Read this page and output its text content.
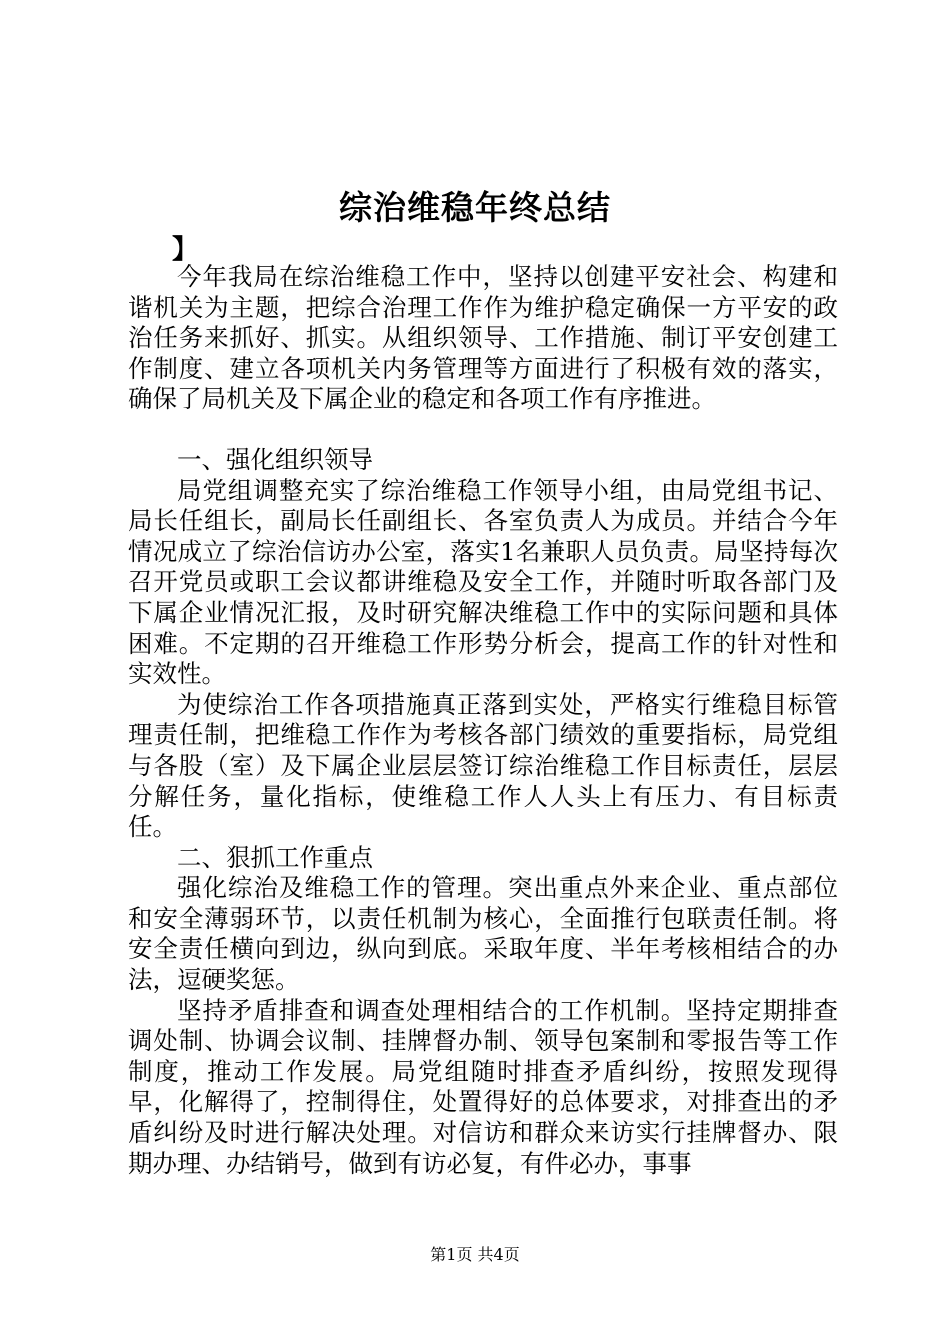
综治维稳年终总结
】

今年我局在综治维稳工作中，坚持以创建平安社会、构建和谐机关为主题，把综合治理工作作为维护稳定确保一方平安的政治任务来抓好、抓实。从组织领导、工作措施、制订平安创建工作制度、建立各项机关内务管理等方面进行了积极有效的落实，确保了局机关及下属企业的稳定和各项工作有序推进。

一、强化组织领导

局党组调整充实了综治维稳工作领导小组，由局党组书记、局长任组长，副局长任副组长、各室负责人为成员。并结合今年情况成立了综治信访办公室，落实1名兼职人员负责。局坚持每次召开党员或职工会议都讲维稳及安全工作，并随时听取各部门及下属企业情况汇报，及时研究解决维稳工作中的实际问题和具体困难。不定期的召开维稳工作形势分析会，提高工作的针对性和实效性。

为使综治工作各项措施真正落到实处，严格实行维稳目标管理责任制，把维稳工作作为考核各部门绩效的重要指标，局党组与各股（室）及下属企业层层签订综治维稳工作目标责任，层层分解任务，量化指标，使维稳工作人人头上有压力、有目标责任。

二、狠抓工作重点

强化综治及维稳工作的管理。突出重点外来企业、重点部位和安全薄弱环节，以责任机制为核心，全面推行包联责任制。将安全责任横向到边，纵向到底。采取年度、半年考核相结合的办法，逗硬奖惩。

坚持矛盾排查和调查处理相结合的工作机制。坚持定期排查调处制、协调会议制、挂牌督办制、领导包案制和零报告等工作制度，推动工作发展。局党组随时排查矛盾纠纷，按照发现得早，化解得了，控制得住，处置得好的总体要求，对排查出的矛盾纠纷及时进行解决处理。对信访和群众来访实行挂牌督办、限期办理、办结销号，做到有访必复，有件必办，事事

第1页 共4页
